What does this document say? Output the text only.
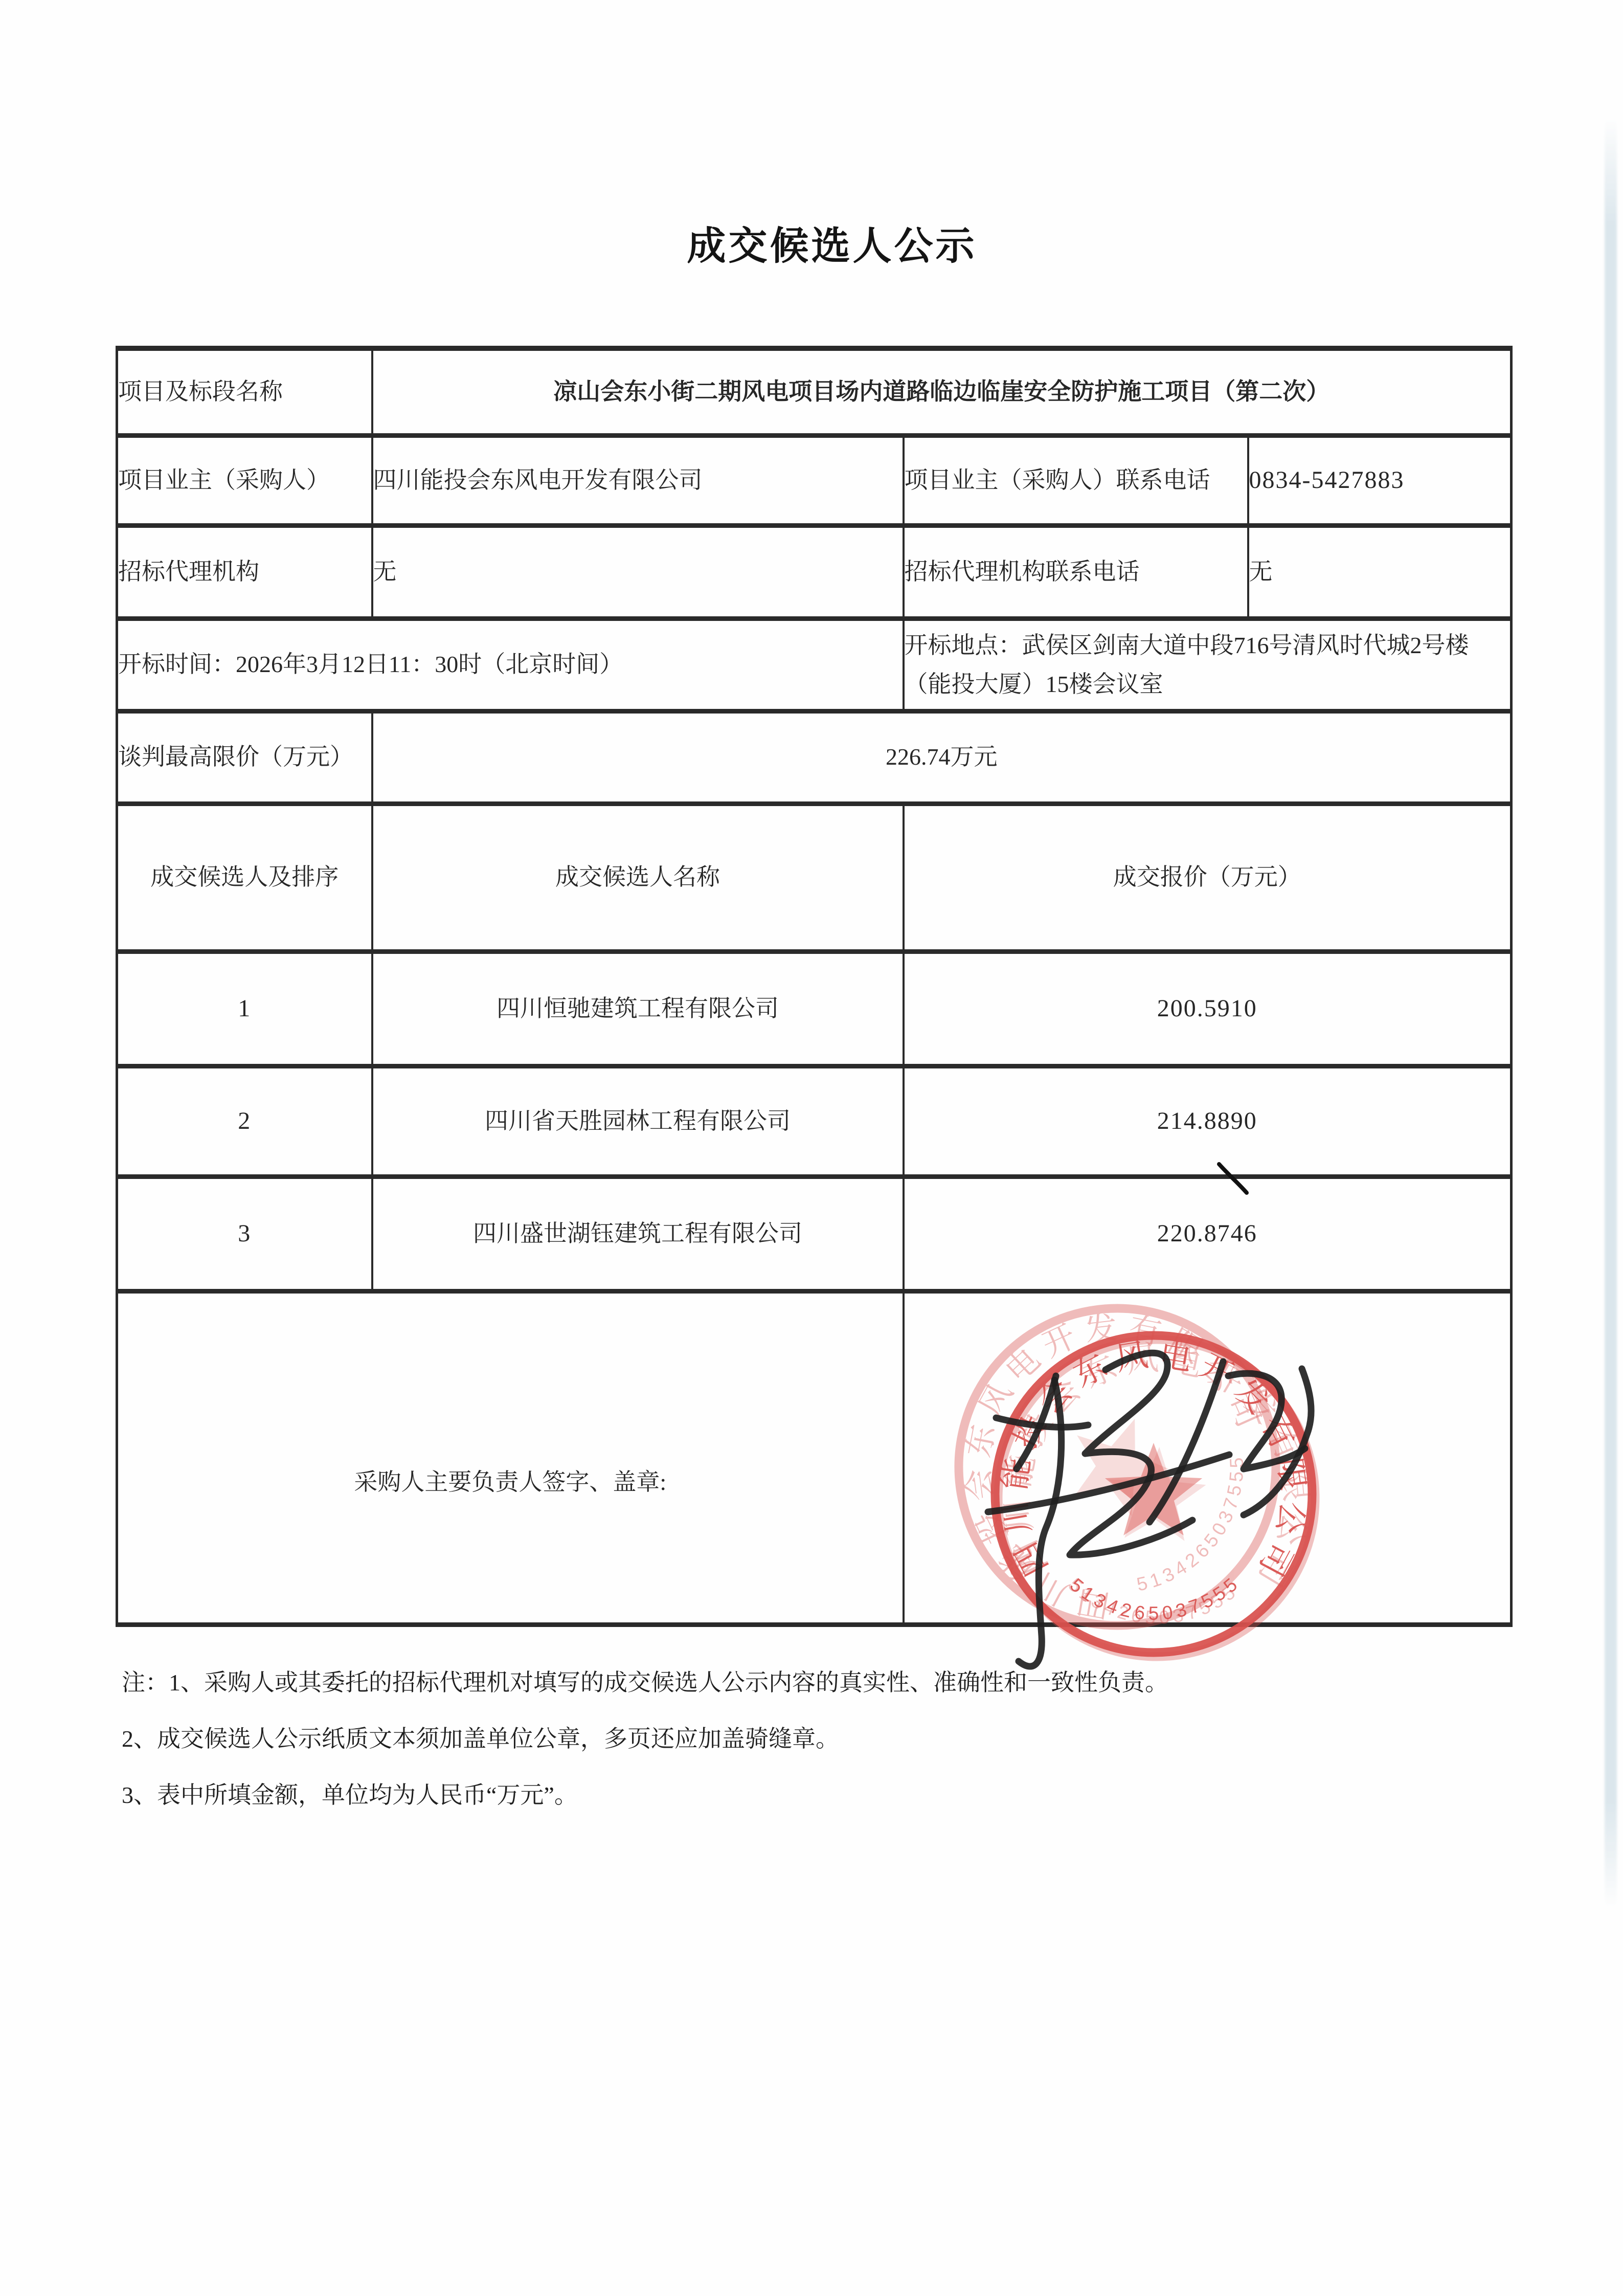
成交候选人公示
项目及标段名称	凉山会东小街二期风电项目场内道路临边临崖安全防护施工项目（第二次）		
项目业主（采购人）	四川能投会东风电开发有限公司	项目业主（采购人）联系电话	0834-5427883
招标代理机构	无	招标代理机构联系电话	无
开标时间：2026年3月12日11：30时（北京时间）		开标地点：武侯区剑南大道中段716号清风时代城2号楼
（能投大厦）15楼会议室	

谈判最高限价（万元）	226.74万元		
成交候选人及排序	成交候选人名称	成交报价（万元）	
1	四川恒驰建筑工程有限公司	200.5910	
2	四川省天胜园林工程有限公司	214.8890	
3	四川盛世湖钰建筑工程有限公司	220.8746	
采购人主要负责人签字、盖章:			

注：1、采购人或其委托的招标代理机对填写的成交候选人公示内容的真实性、准确性和一致性负责。

2、成交候选人公示纸质文本须加盖单位公章，多页还应加盖骑缝章。

3、表中所填金额，单位均为人民币“万元”。
